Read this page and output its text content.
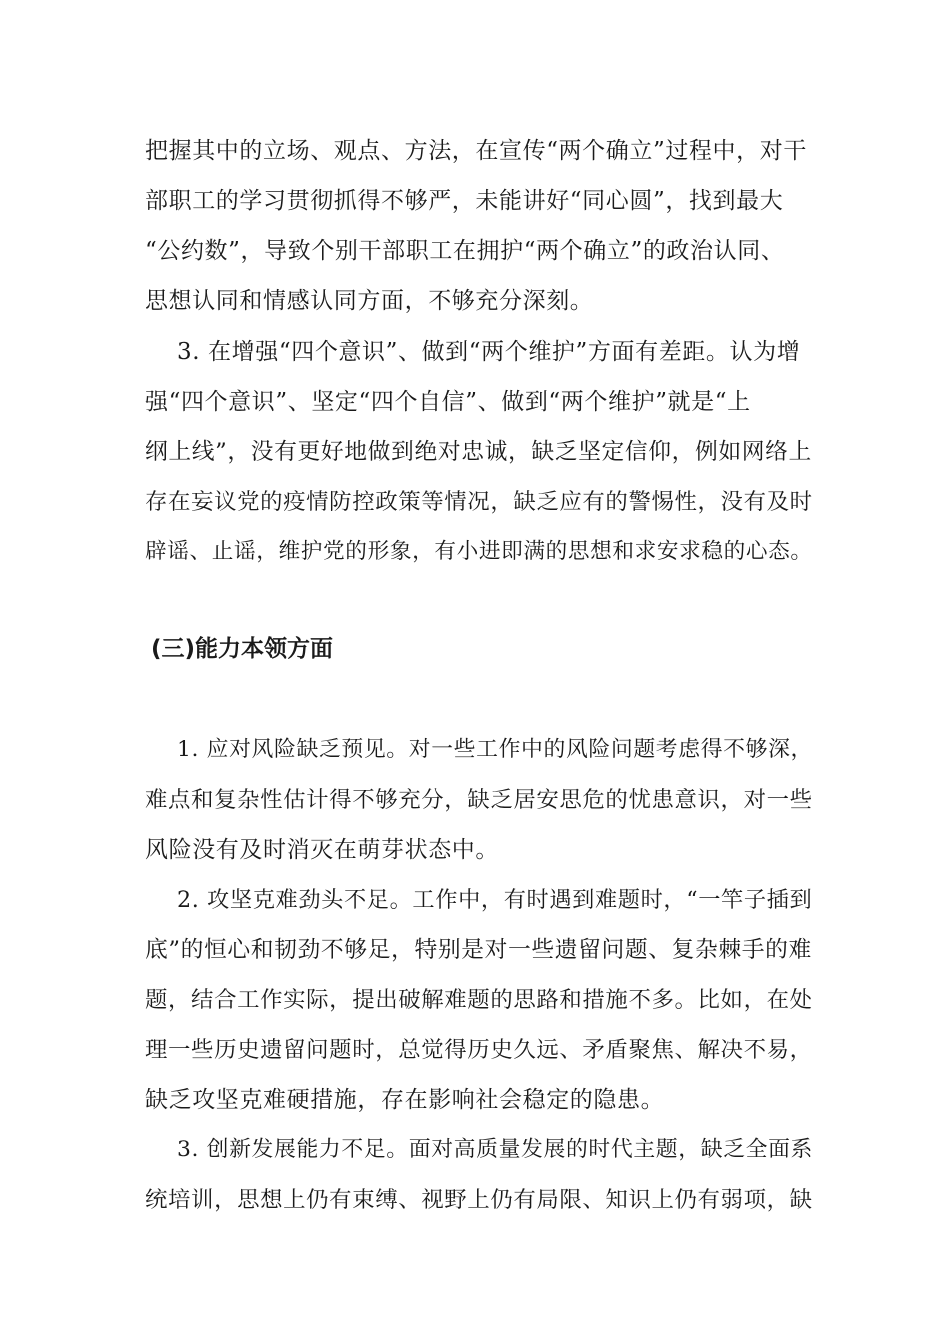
把握其中的立场、观点、方法，在宣传“两个确立”过程中，对干
部职工的学习贯彻抓得不够严，未能讲好“同心圆”，找到最大
“公约数”，导致个别干部职工在拥护“两个确立”的政治认同、
思想认同和情感认同方面，不够充分深刻。
3. 在增强“四个意识”、做到“两个维护”方面有差距。认为增
强“四个意识”、坚定“四个自信”、做到“两个维护”就是“上
纲上线”，没有更好地做到绝对忠诚，缺乏坚定信仰，例如网络上
存在妄议党的疫情防控政策等情况，缺乏应有的警惕性，没有及时
辟谣、止谣，维护党的形象，有小进即满的思想和求安求稳的心态。
(三)能力本领方面
1. 应对风险缺乏预见。对一些工作中的风险问题考虑得不够深，
难点和复杂性估计得不够充分，缺乏居安思危的忧患意识，对一些
风险没有及时消灭在萌芽状态中。
2. 攻坚克难劲头不足。工作中，有时遇到难题时，“一竿子插到
底”的恒心和韧劲不够足，特别是对一些遗留问题、复杂棘手的难
题，结合工作实际，提出破解难题的思路和措施不多。比如，在处
理一些历史遗留问题时，总觉得历史久远、矛盾聚焦、解决不易，
缺乏攻坚克难硬措施，存在影响社会稳定的隐患。
3. 创新发展能力不足。面对高质量发展的时代主题，缺乏全面系
统培训，思想上仍有束缚、视野上仍有局限、知识上仍有弱项，缺
